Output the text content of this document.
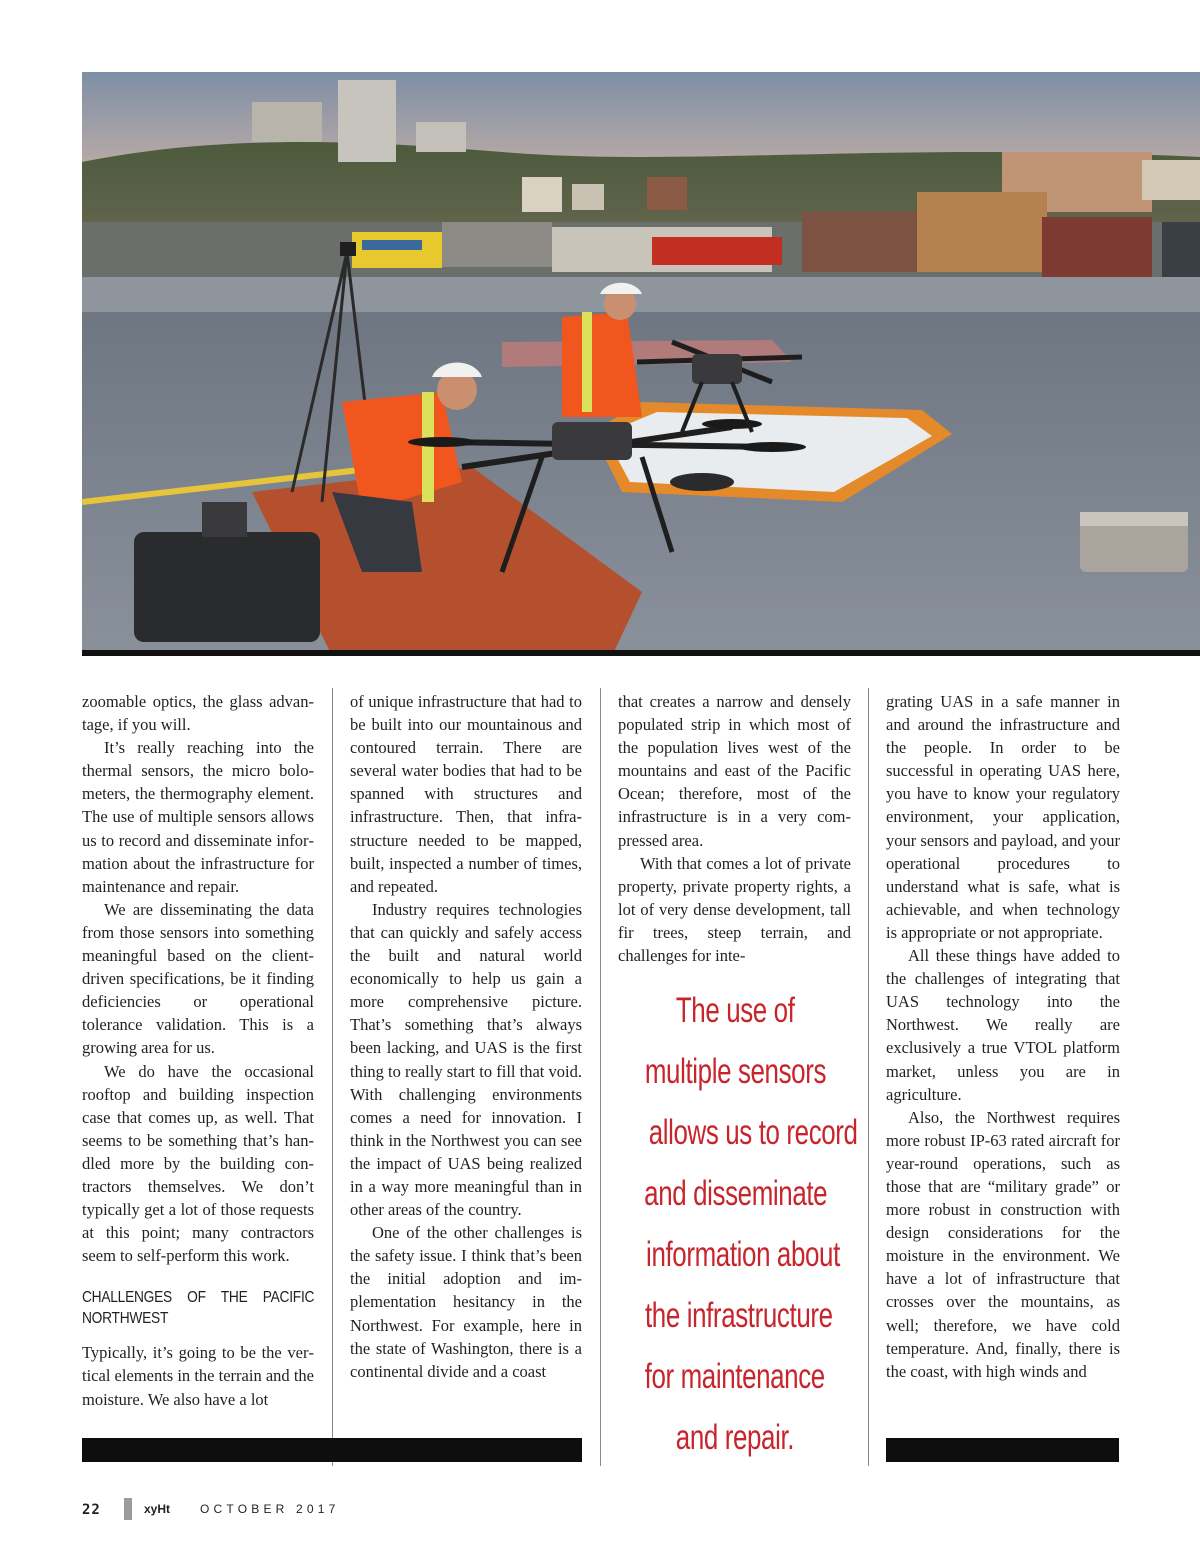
zoomable optics, the glass advantage, if you will.

It’s really reaching into the thermal sensors, the micro bolometers, the thermography element. The use of multiple sensors allows us to record and disseminate information about the infrastructure for maintenance and repair.

We are disseminating the data from those sensors into something meaningful based on the client-driven specifications, be it finding deficiencies or operational tolerance validation. This is a growing area for us.

We do have the occasional rooftop and building inspection case that comes up, as well. That seems to be something that’s handled more by the building contractors themselves. We don’t typically get a lot of those requests at this point; many contractors seem to self-perform this work.

CHALLENGES OF THE PACIFIC NORTHWEST

Typically, it’s going to be the vertical elements in the terrain and the moisture. We also have a lot

of unique infrastructure that had to be built into our mountainous and contoured terrain. There are several water bodies that had to be spanned with structures and infrastructure. Then, that infrastructure needed to be mapped, built, inspected a number of times, and repeated.

Industry requires technologies that can quickly and safely access the built and natural world economically to help us gain a more comprehensive picture. That’s something that’s always been lacking, and UAS is the first thing to really start to fill that void. With challenging environments comes a need for innovation. I think in the Northwest you can see the impact of UAS being realized in a way more meaningful than in other areas of the country.

One of the other challenges is the safety issue. I think that’s been the initial adoption and implementation hesitancy in the Northwest. For example, here in the state of Washington, there is a continental divide and a coast

that creates a narrow and densely populated strip in which most of the population lives west of the mountains and east of the Pacific Ocean; therefore, most of the infrastructure is in a very compressed area.

With that comes a lot of private property, private property rights, a lot of very dense development, tall fir trees, steep terrain, and challenges for inte-

The use of
multiple sensors
allows us to record
and disseminate
information about
the infrastructure
for maintenance
and repair.

grating UAS in a safe manner in and around the infrastructure and the people. In order to be successful in operating UAS here, you have to know your regulatory environment, your application, your sensors and payload, and your operational procedures to understand what is safe, what is achievable, and when technology is appropriate or not appropriate.

All these things have added to the challenges of integrating that UAS technology into the Northwest. We really are exclusively a true VTOL platform market, unless you are in agriculture.

Also, the Northwest requires more robust IP-63 rated aircraft for year-round operations, such as those that are “military grade” or more robust in construction with design considerations for the moisture in the environment. We have a lot of infrastructure that crosses over the mountains, as well; therefore, we have cold temperature. And, finally, there is the coast, with high winds and

22	xyHt OCTOBER 2017
